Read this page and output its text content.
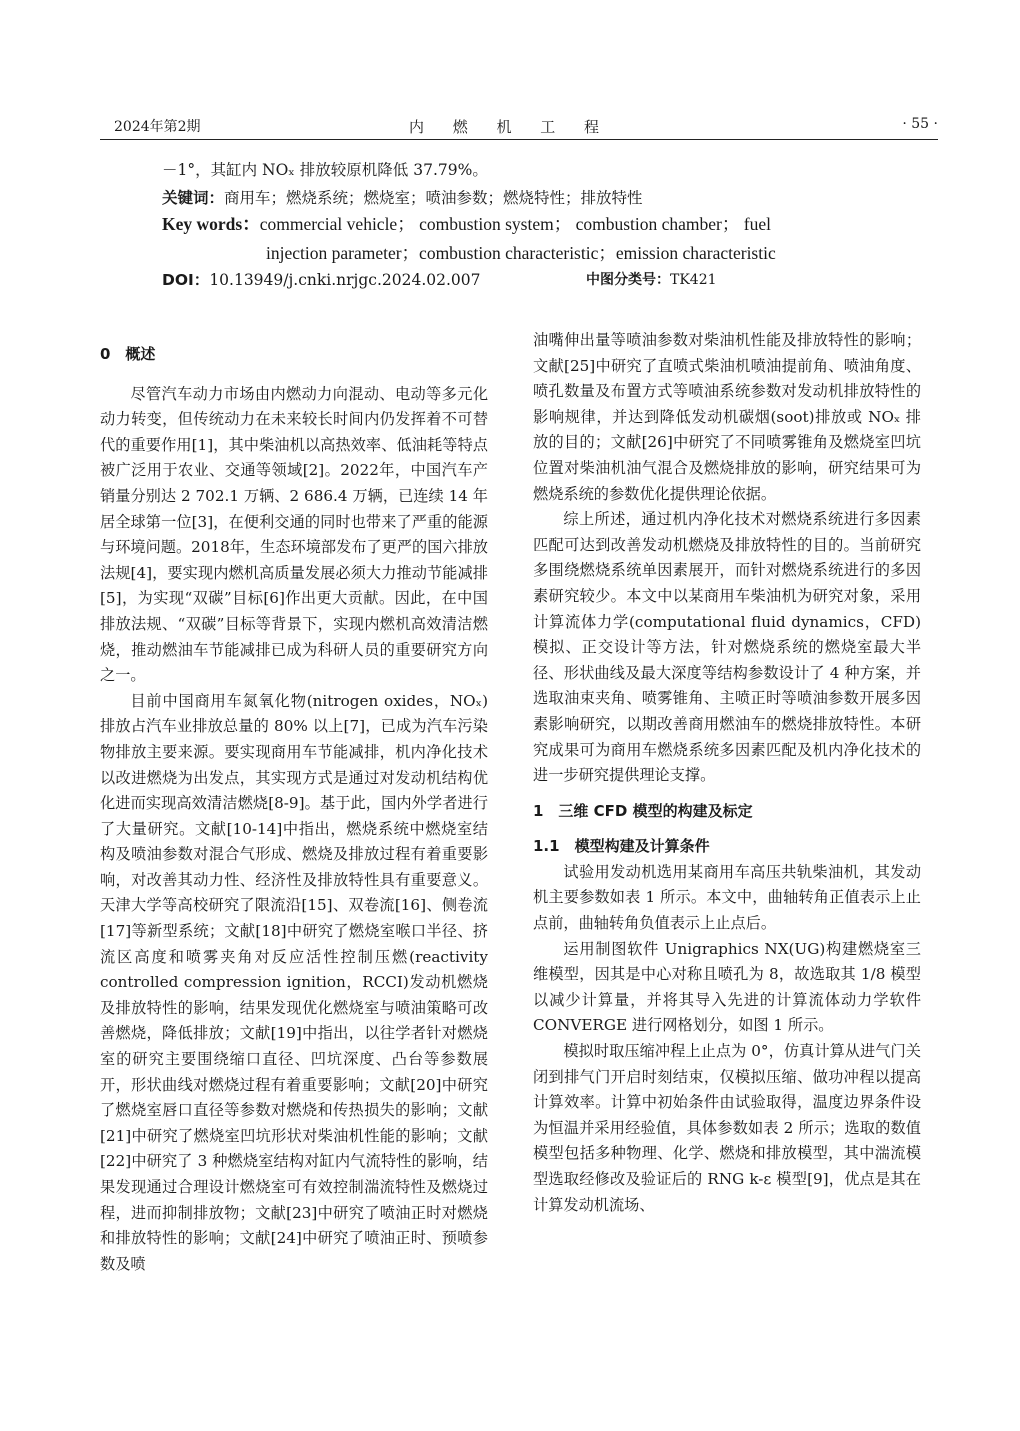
2024年第2期	内 燃 机 工 程	· 55 ·
－1°，其缸内 NOₓ 排放较原机降低 37.79%。
关键词：商用车；燃烧系统；燃烧室；喷油参数；燃烧特性；排放特性
Key words：commercial vehicle； combustion system； combustion chamber； fuel
injection parameter；combustion characteristic；emission characteristic
DOI：10.13949/j.cnki.nrjgc.2024.02.007	中图分类号：TK421
0　概述

尽管汽车动力市场由内燃动力向混动、电动等多元化动力转变，但传统动力在未来较长时间内仍发挥着不可替代的重要作用[1]，其中柴油机以高热效率、低油耗等特点被广泛用于农业、交通等领域[2]。2022年，中国汽车产销量分别达 2 702.1 万辆、2 686.4 万辆，已连续 14 年居全球第一位[3]，在便利交通的同时也带来了严重的能源与环境问题。2018年，生态环境部发布了更严的国六排放法规[4]，要实现内燃机高质量发展必须大力推动节能减排[5]，为实现“双碳”目标[6]作出更大贡献。因此，在中国排放法规、“双碳”目标等背景下，实现内燃机高效清洁燃烧，推动燃油车节能减排已成为科研人员的重要研究方向之一。

目前中国商用车氮氧化物(nitrogen oxides，NOₓ)排放占汽车业排放总量的 80% 以上[7]，已成为汽车污染物排放主要来源。要实现商用车节能减排，机内净化技术以改进燃烧为出发点，其实现方式是通过对发动机结构优化进而实现高效清洁燃烧[8-9]。基于此，国内外学者进行了大量研究。文献[10-14]中指出，燃烧系统中燃烧室结构及喷油参数对混合气形成、燃烧及排放过程有着重要影响，对改善其动力性、经济性及排放特性具有重要意义。天津大学等高校研究了限流沿[15]、双卷流[16]、侧卷流[17]等新型系统；文献[18]中研究了燃烧室喉口半径、挤流区高度和喷雾夹角对反应活性控制压燃(reactivity controlled compression ignition，RCCI)发动机燃烧及排放特性的影响，结果发现优化燃烧室与喷油策略可改善燃烧，降低排放；文献[19]中指出，以往学者针对燃烧室的研究主要围绕缩口直径、凹坑深度、凸台等参数展开，形状曲线对燃烧过程有着重要影响；文献[20]中研究了燃烧室唇口直径等参数对燃烧和传热损失的影响；文献[21]中研究了燃烧室凹坑形状对柴油机性能的影响；文献[22]中研究了 3 种燃烧室结构对缸内气流特性的影响，结果发现通过合理设计燃烧室可有效控制湍流特性及燃烧过程，进而抑制排放物；文献[23]中研究了喷油正时对燃烧和排放特性的影响；文献[24]中研究了喷油正时、预喷参数及喷

油嘴伸出量等喷油参数对柴油机性能及排放特性的影响；文献[25]中研究了直喷式柴油机喷油提前角、喷油角度、喷孔数量及布置方式等喷油系统参数对发动机排放特性的影响规律，并达到降低发动机碳烟(soot)排放或 NOₓ 排放的目的；文献[26]中研究了不同喷雾锥角及燃烧室凹坑位置对柴油机油气混合及燃烧排放的影响，研究结果可为燃烧系统的参数优化提供理论依据。

综上所述，通过机内净化技术对燃烧系统进行多因素匹配可达到改善发动机燃烧及排放特性的目的。当前研究多围绕燃烧系统单因素展开，而针对燃烧系统进行的多因素研究较少。本文中以某商用车柴油机为研究对象，采用计算流体力学(computational fluid dynamics，CFD)模拟、正交设计等方法，针对燃烧系统的燃烧室最大半径、形状曲线及最大深度等结构参数设计了 4 种方案，并选取油束夹角、喷雾锥角、主喷正时等喷油参数开展多因素影响研究，以期改善商用燃油车的燃烧排放特性。本研究成果可为商用车燃烧系统多因素匹配及机内净化技术的进一步研究提供理论支撑。

1　三维 CFD 模型的构建及标定
1.1　模型构建及计算条件

试验用发动机选用某商用车高压共轨柴油机，其发动机主要参数如表 1 所示。本文中，曲轴转角正值表示上止点前，曲轴转角负值表示上止点后。

运用制图软件 Unigraphics NX(UG)构建燃烧室三维模型，因其是中心对称且喷孔为 8，故选取其 1/8 模型以减少计算量，并将其导入先进的计算流体动力学软件 CONVERGE 进行网格划分，如图 1 所示。

模拟时取压缩冲程上止点为 0°，仿真计算从进气门关闭到排气门开启时刻结束，仅模拟压缩、做功冲程以提高计算效率。计算中初始条件由试验取得，温度边界条件设为恒温并采用经验值，具体参数如表 2 所示；选取的数值模型包括多种物理、化学、燃烧和排放模型，其中湍流模型选取经修改及验证后的 RNG k-ε 模型[9]，优点是其在计算发动机流场、
